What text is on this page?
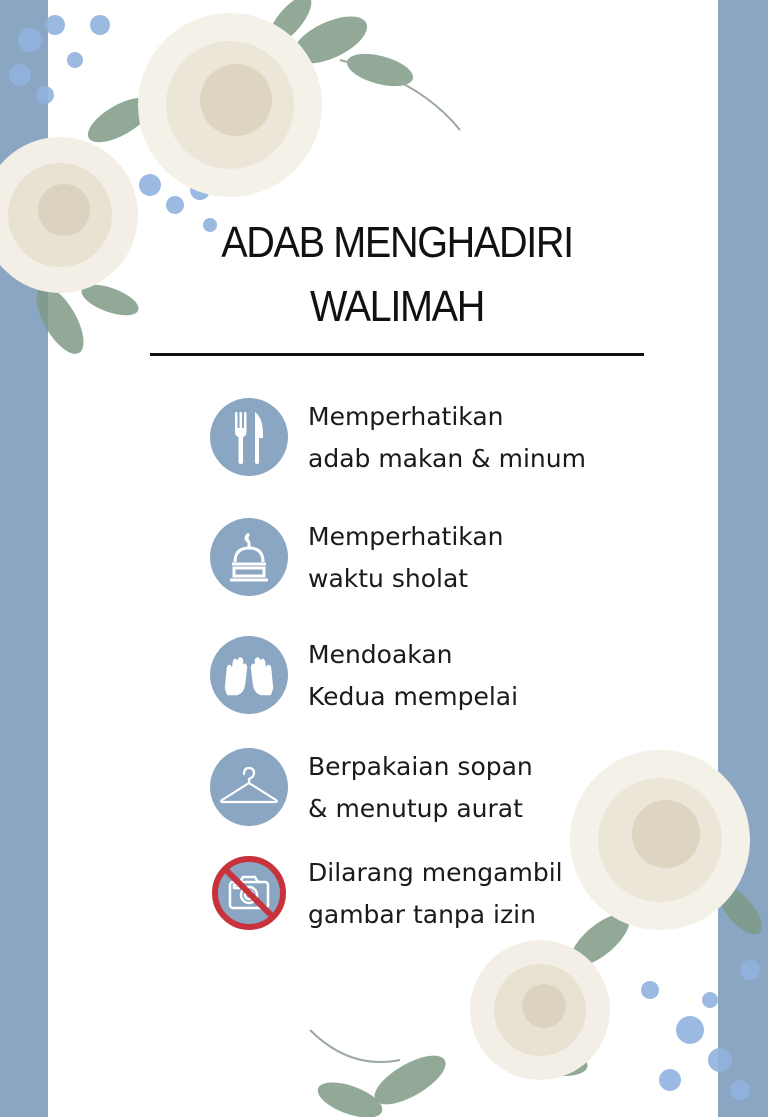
ADAB MENGHADIRI
WALIMAH
Memperhatikan
adab makan & minum
Memperhatikan
waktu sholat
Mendoakan
Kedua mempelai
Berpakaian sopan
& menutup aurat
Dilarang mengambil
gambar tanpa izin
